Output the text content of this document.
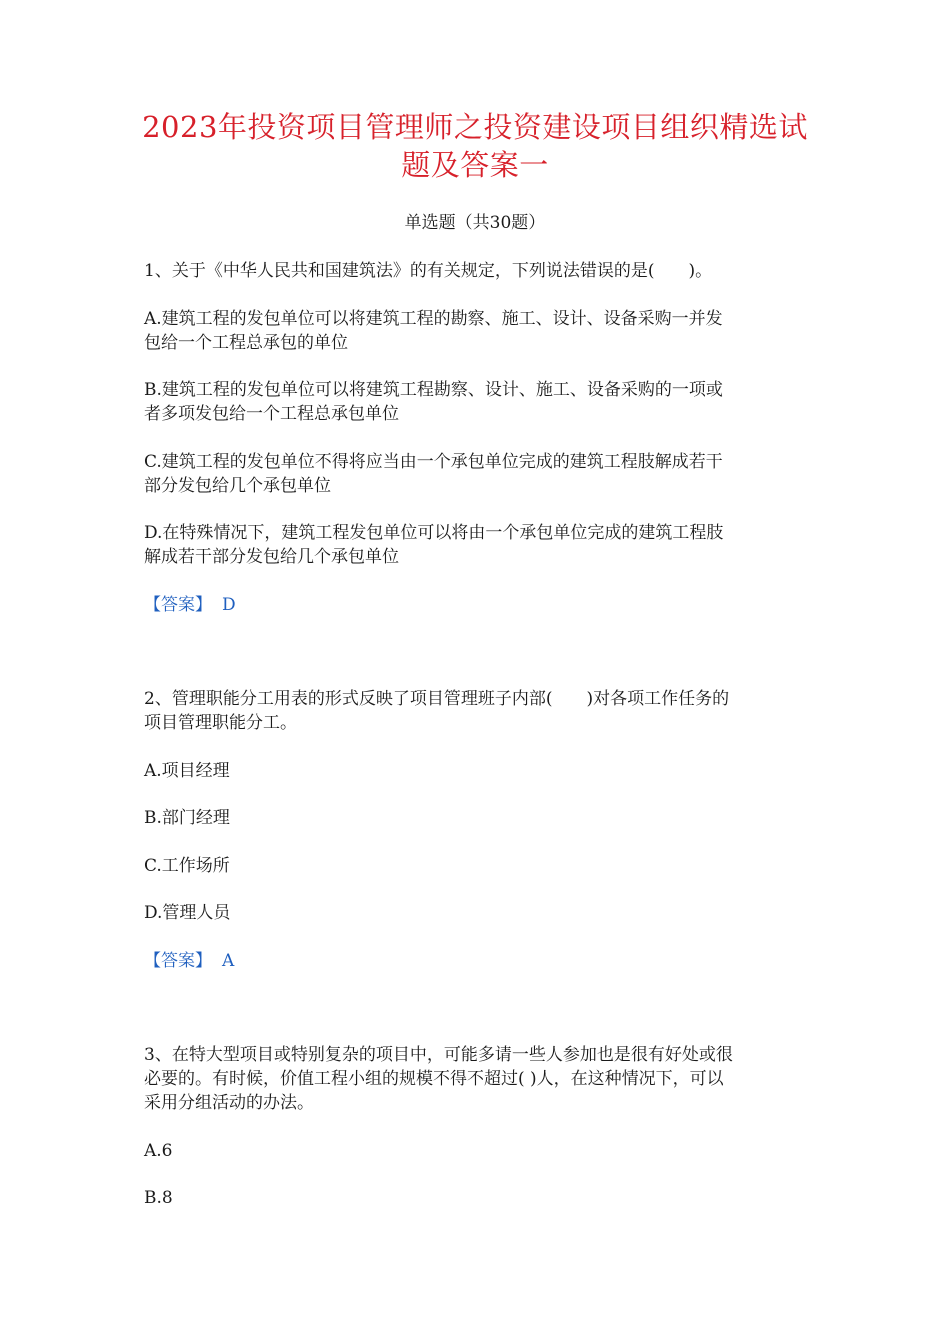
2023年投资项目管理师之投资建设项目组织精选试
题及答案一
单选题（共30题）
1、关于《中华人民共和国建筑法》的有关规定，下列说法错误的是(　　)。
A.建筑工程的发包单位可以将建筑工程的勘察、施工、设计、设备采购一并发
包给一个工程总承包的单位
B.建筑工程的发包单位可以将建筑工程勘察、设计、施工、设备采购的一项或
者多项发包给一个工程总承包单位
C.建筑工程的发包单位不得将应当由一个承包单位完成的建筑工程肢解成若干
部分发包给几个承包单位
D.在特殊情况下，建筑工程发包单位可以将由一个承包单位完成的建筑工程肢
解成若干部分发包给几个承包单位
【答案】 D
2、管理职能分工用表的形式反映了项目管理班子内部(　　)对各项工作任务的
项目管理职能分工。
A.项目经理
B.部门经理
C.工作场所
D.管理人员
【答案】 A
3、在特大型项目或特别复杂的项目中，可能多请一些人参加也是很有好处或很
必要的。有时候，价值工程小组的规模不得不超过( )人，在这种情况下，可以
采用分组活动的办法。
A.6
B.8
